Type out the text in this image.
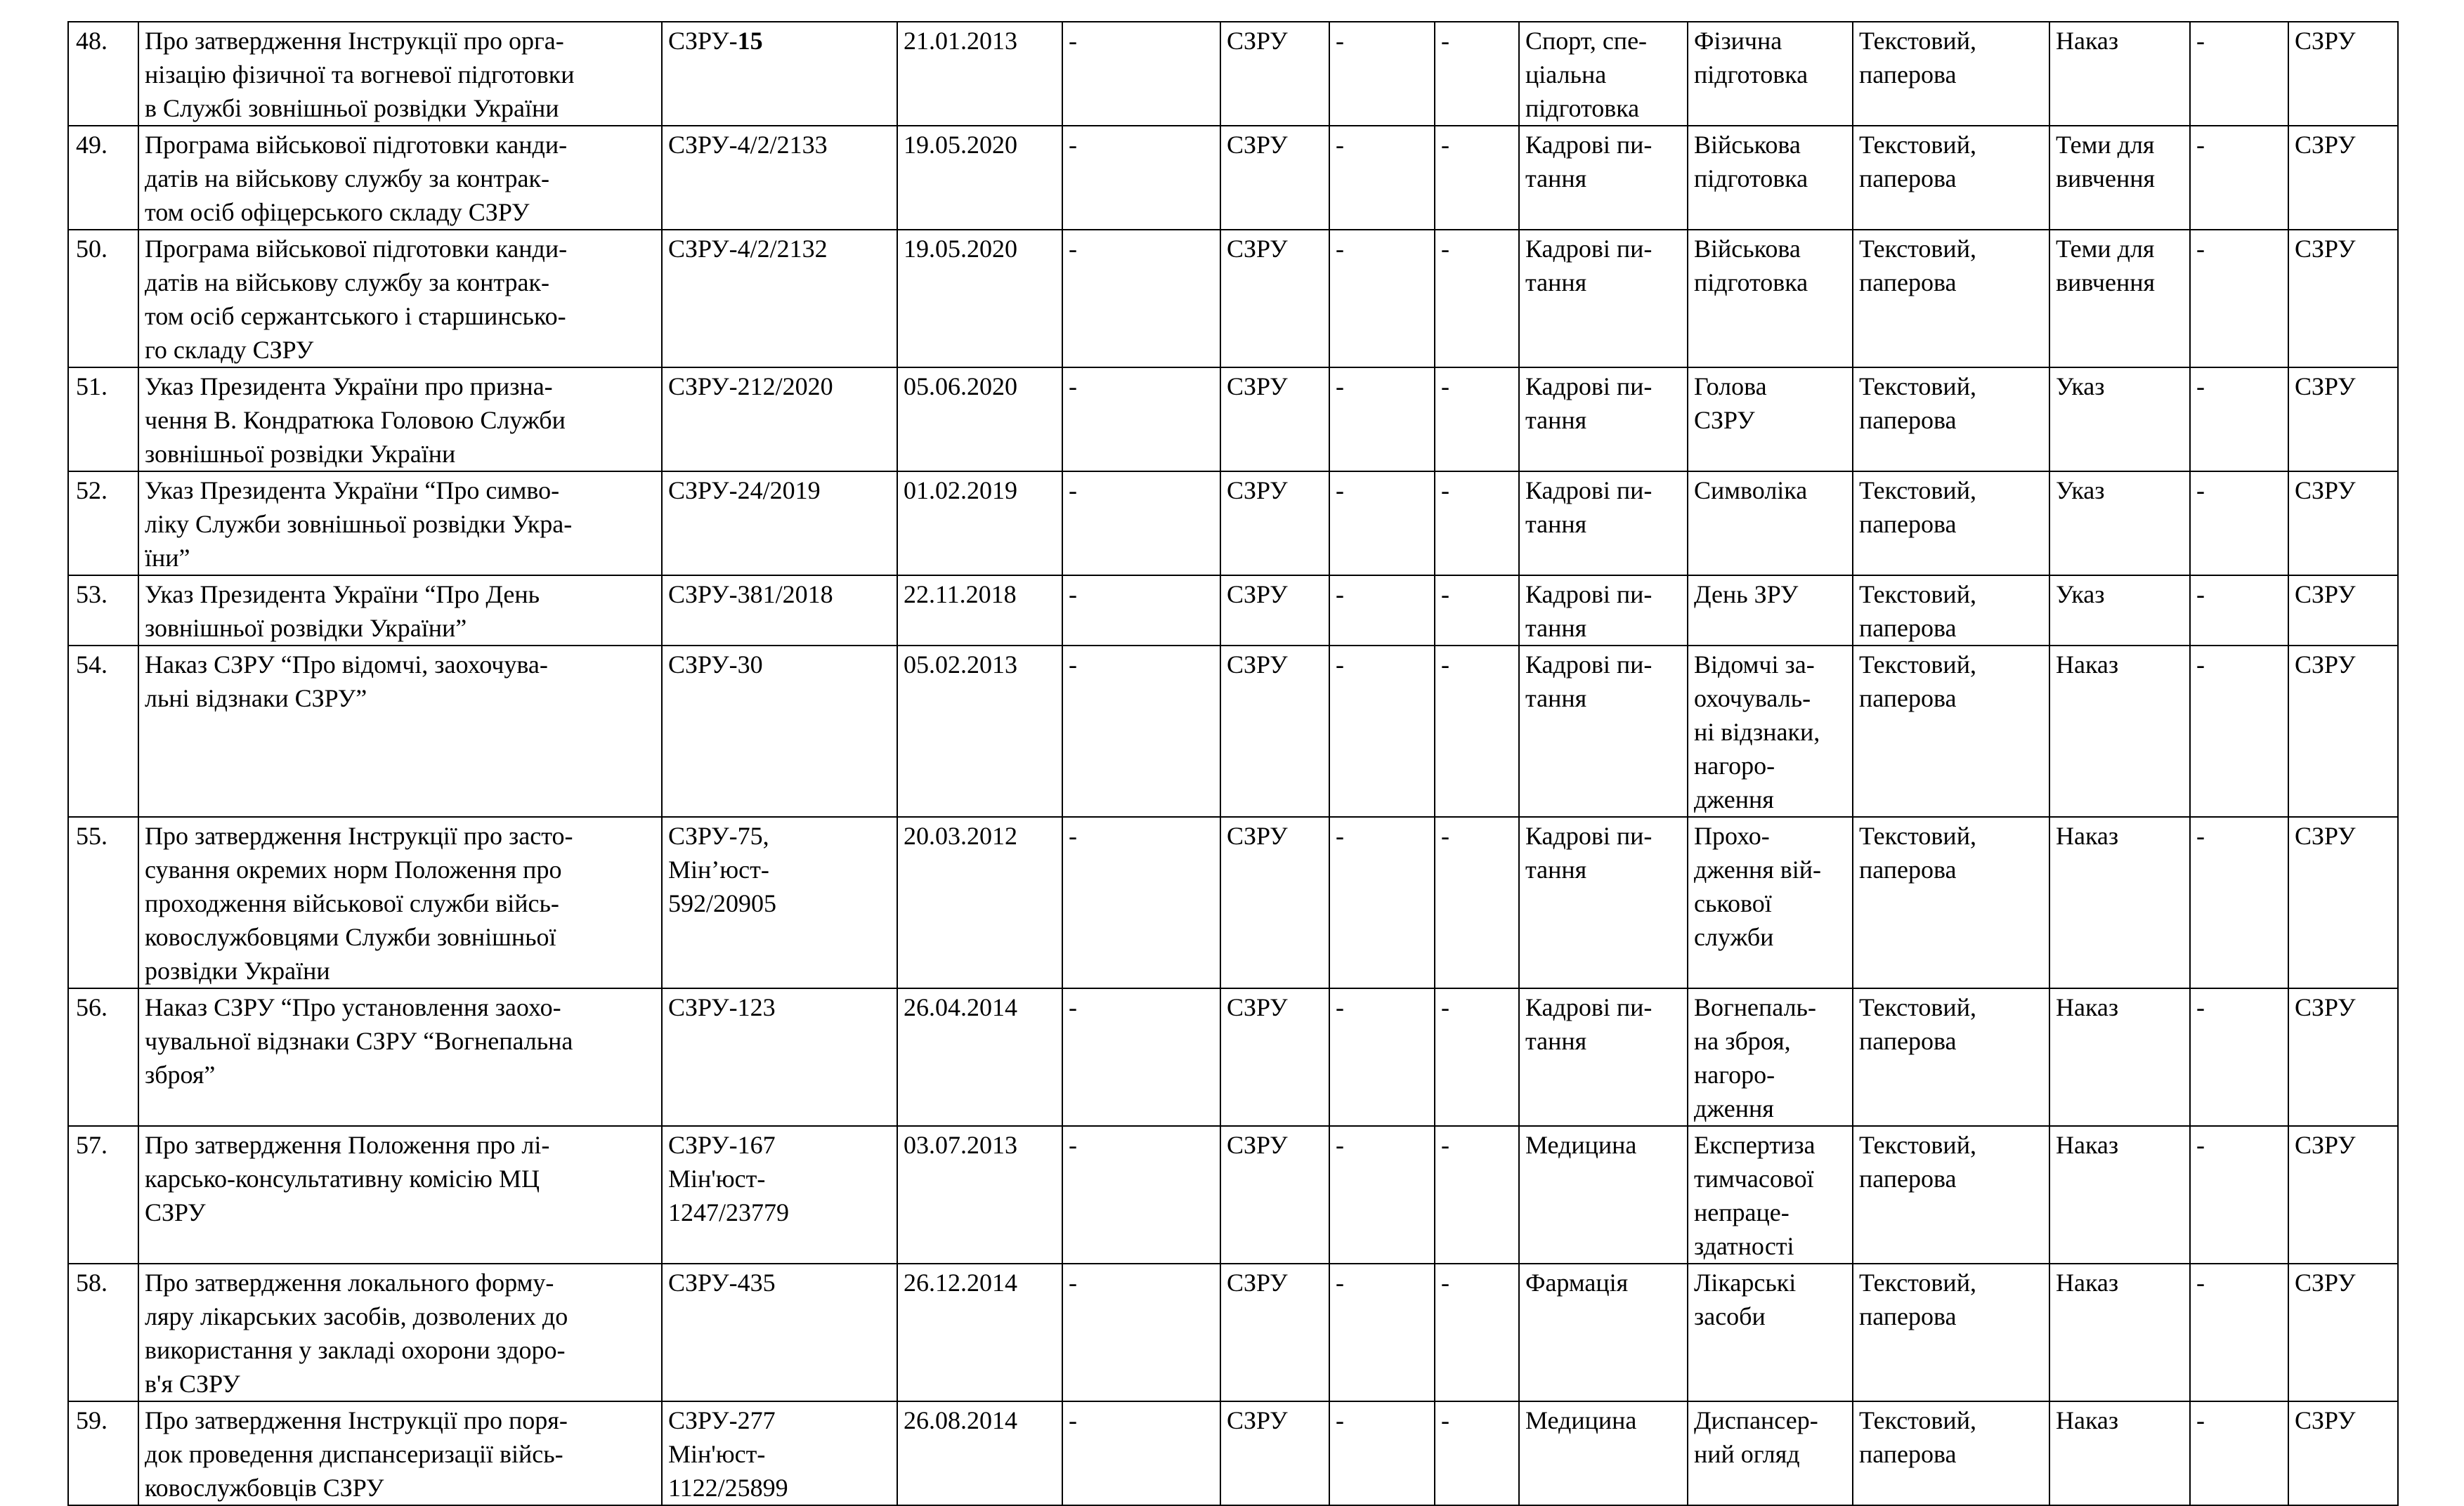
48.	Про затвердження Інструкції про орга-
нізацію фізичної та вогневої підготовки
в Службі зовнішньої розвідки України	СЗРУ-15	21.01.2013	-	СЗРУ	-	-	Спорт, спе-
ціальна
підготовка	Фізична
підготовка	Текстовий,
паперова	Наказ	-	СЗРУ
49.	Програма військової підготовки канди-
датів на військову службу за контрак-
том осіб офіцерського складу СЗРУ	СЗРУ-4/2/2133	19.05.2020	-	СЗРУ	-	-	Кадрові пи-
тання	Військова
підготовка	Текстовий,
паперова	Теми для
вивчення	-	СЗРУ
50.	Програма військової підготовки канди-
датів на військову службу за контрак-
том осіб сержантського і старшинсько-
го складу СЗРУ	СЗРУ-4/2/2132	19.05.2020	-	СЗРУ	-	-	Кадрові пи-
тання	Військова
підготовка	Текстовий,
паперова	Теми для
вивчення	-	СЗРУ
51.	Указ Президента України про призна-
чення В. Кондратюка Головою Служби
зовнішньої розвідки України	СЗРУ-212/2020	05.06.2020	-	СЗРУ	-	-	Кадрові пи-
тання	Голова
СЗРУ	Текстовий,
паперова	Указ	-	СЗРУ
52.	Указ Президента України “Про симво-
ліку Служби зовнішньої розвідки Укра-
їни”	СЗРУ-24/2019	01.02.2019	-	СЗРУ	-	-	Кадрові пи-
тання	Символіка	Текстовий,
паперова	Указ	-	СЗРУ
53.	Указ Президента України “Про День
зовнішньої розвідки України”	СЗРУ-381/2018	22.11.2018	-	СЗРУ	-	-	Кадрові пи-
тання	День ЗРУ	Текстовий,
паперова	Указ	-	СЗРУ
54.	Наказ СЗРУ “Про відомчі, заохочува-
льні відзнаки СЗРУ”	СЗРУ-30	05.02.2013	-	СЗРУ	-	-	Кадрові пи-
тання	Відомчі за-
охочуваль-
ні відзнаки,
нагоро-
дження	Текстовий,
паперова	Наказ	-	СЗРУ
55.	Про затвердження Інструкції про засто-
сування окремих норм Положення про
проходження військової служби війсь-
ковослужбовцями Служби зовнішньої
розвідки України	СЗРУ-75,
Мін’юст-
592/20905	20.03.2012	-	СЗРУ	-	-	Кадрові пи-
тання	Прохо-
дження вій-
ськової
служби	Текстовий,
паперова	Наказ	-	СЗРУ
56.	Наказ СЗРУ “Про установлення заохо-
чувальної відзнаки СЗРУ “Вогнепальна
зброя”	СЗРУ-123	26.04.2014	-	СЗРУ	-	-	Кадрові пи-
тання	Вогнепаль-
на зброя,
нагоро-
дження	Текстовий,
паперова	Наказ	-	СЗРУ
57.	Про затвердження Положення про лі-
карсько-консультативну комісію МЦ
СЗРУ	СЗРУ-167
Мін'юст-
1247/23779	03.07.2013	-	СЗРУ	-	-	Медицина	Експертиза
тимчасової
непраце-
здатності	Текстовий,
паперова	Наказ	-	СЗРУ
58.	Про затвердження локального форму-
ляру лікарських засобів, дозволених до
використання у закладі охорони здоро-
в'я СЗРУ	СЗРУ-435	26.12.2014	-	СЗРУ	-	-	Фармація	Лікарські
засоби	Текстовий,
паперова	Наказ	-	СЗРУ
59.	Про затвердження Інструкції про поря-
док проведення диспансеризації війсь-
ковослужбовців СЗРУ	СЗРУ-277
Мін'юст-
1122/25899	26.08.2014	-	СЗРУ	-	-	Медицина	Диспансер-
ний огляд	Текстовий,
паперова	Наказ	-	СЗРУ
